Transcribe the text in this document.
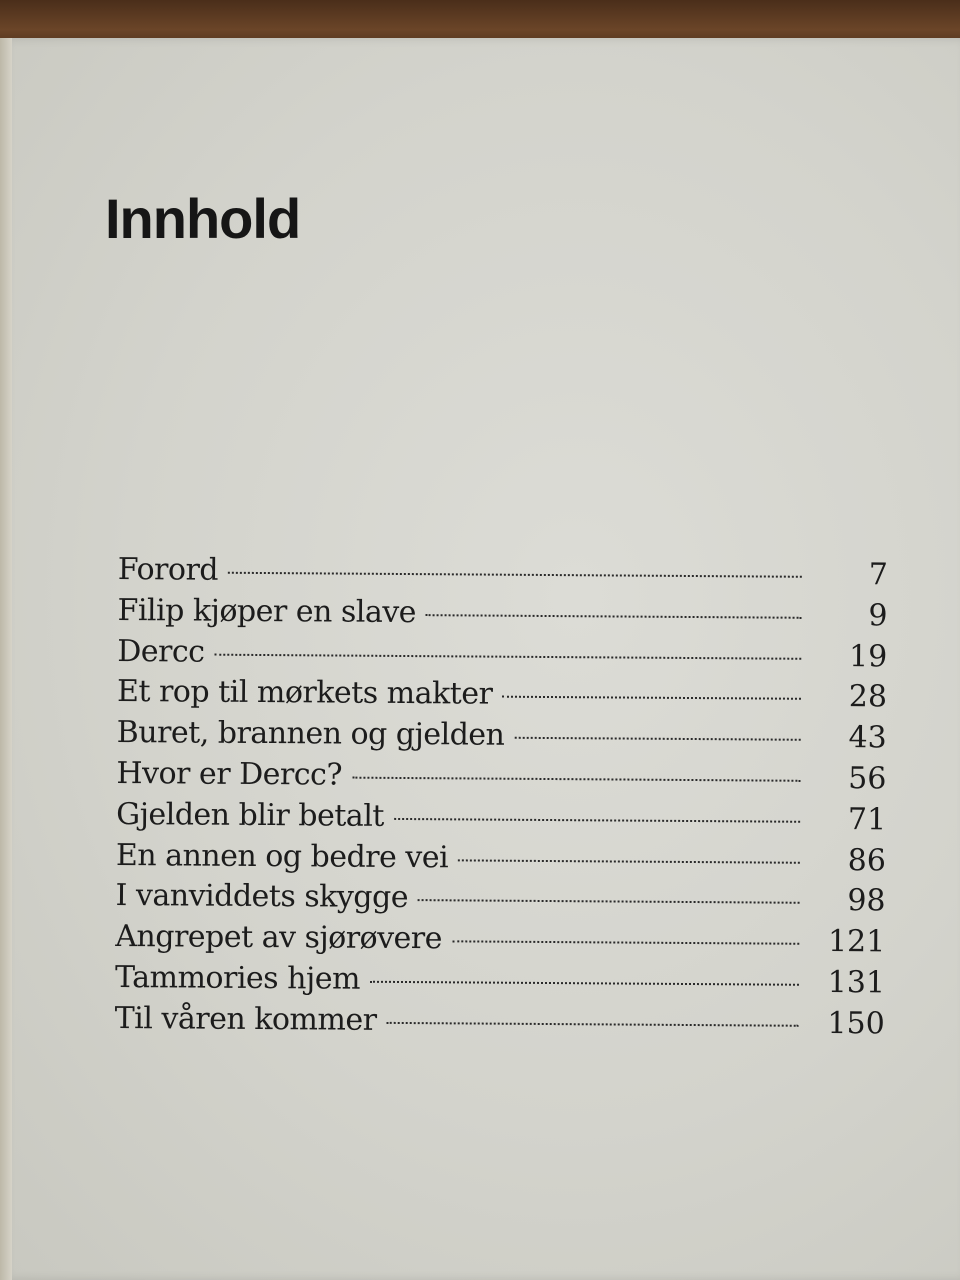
Innhold
Forord	7
Filip kjøper en slave	9
Dercc	19
Et rop til mørkets makter	28
Buret, brannen og gjelden	43
Hvor er Dercc?	56
Gjelden blir betalt	71
En annen og bedre vei	86
I vanviddets skygge	98
Angrepet av sjørøvere	121
Tammories hjem	131
Til våren kommer	150
